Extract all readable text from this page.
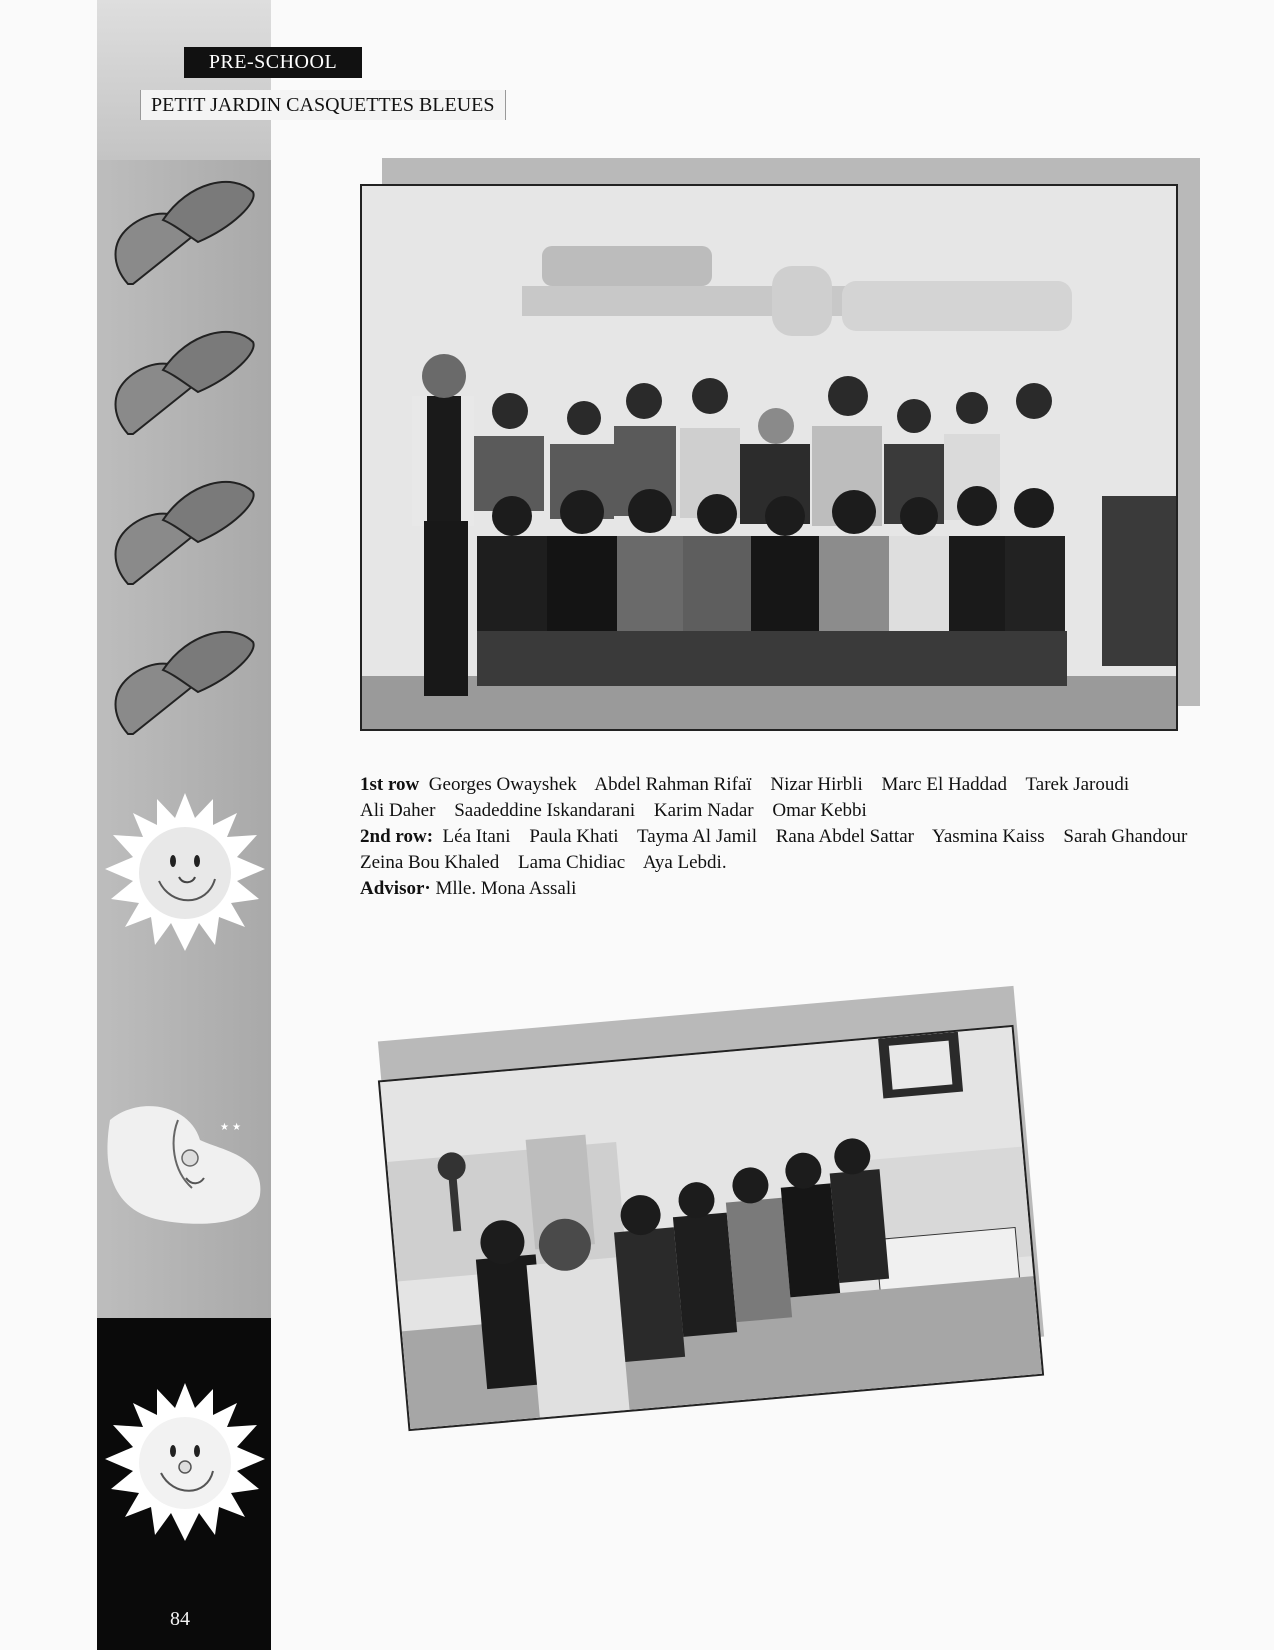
★ ★
PRE-SCHOOL
PETIT JARDIN CASQUETTES BLEUES
1st row Georges Owayshek Abdel Rahman Rifaï Nizar Hirbli Marc El Haddad Tarek Jaroudi
Ali Daher Saadeddine Iskandarani Karim Nadar Omar Kebbi
2nd row: Léa Itani Paula Khati Tayma Al Jamil Rana Abdel Sattar Yasmina Kaiss Sarah Ghandour
Zeina Bou Khaled Lama Chidiac Aya Lebdi.
Advisor· Mlle. Mona Assali
84
